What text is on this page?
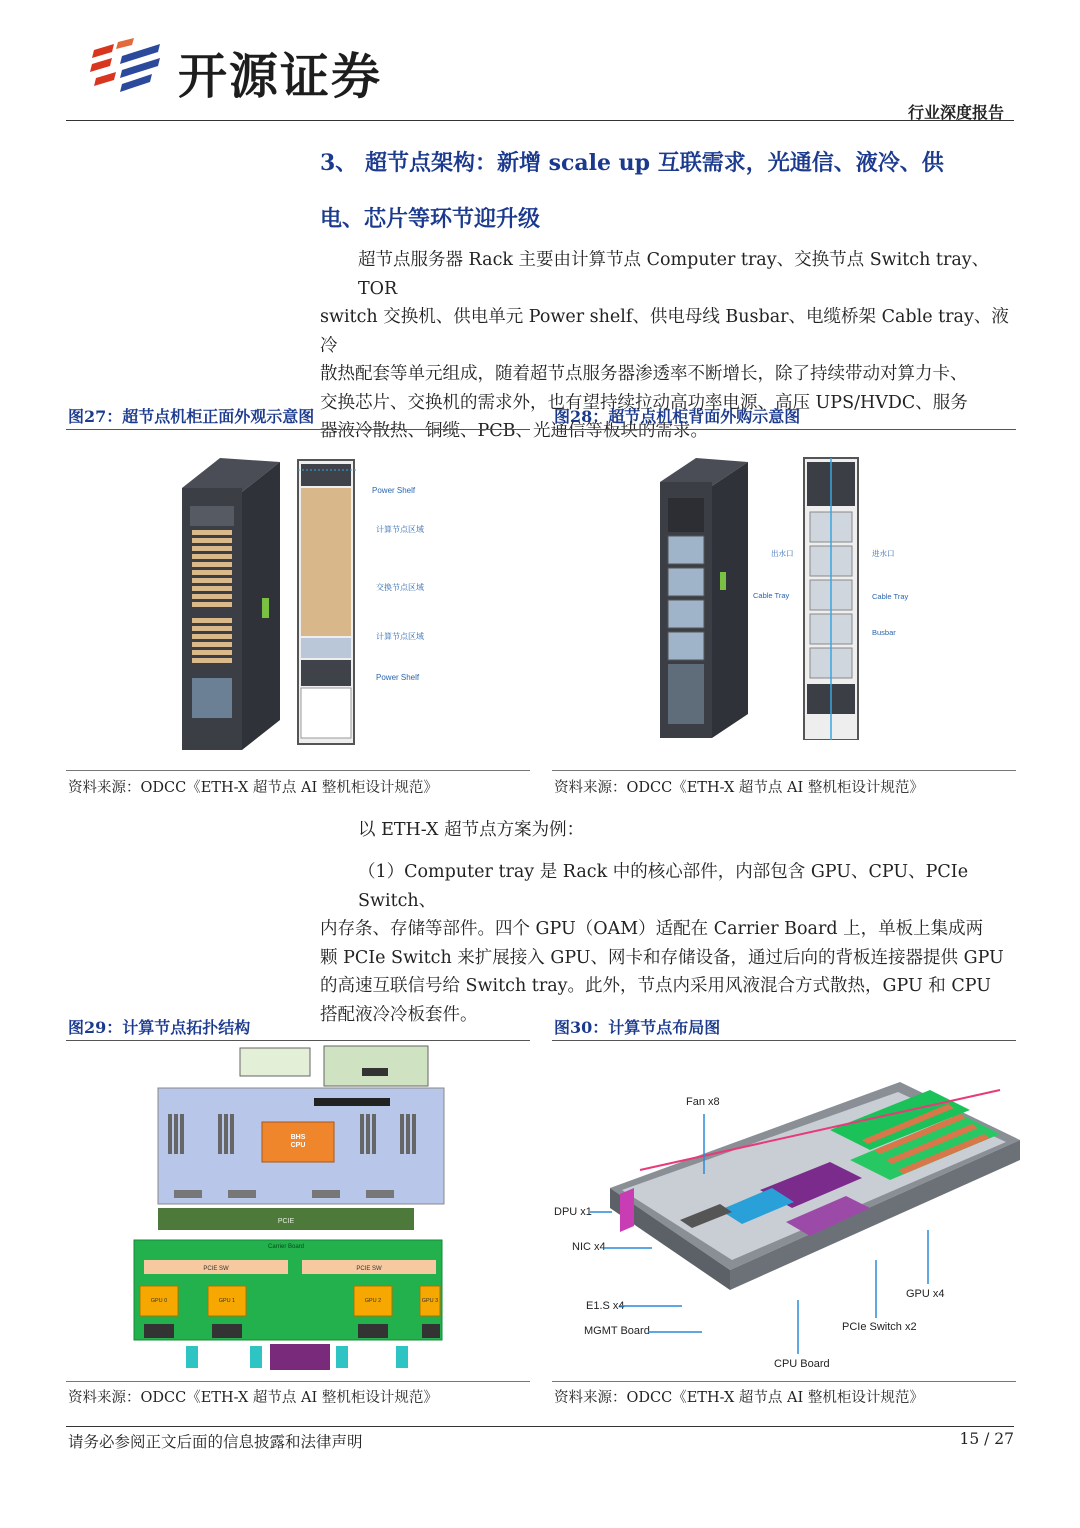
开源证券
行业深度报告
3、 超节点架构：新增 scale up 互联需求，光通信、液冷、供
电、芯片等环节迎升级
超节点服务器 Rack 主要由计算节点 Computer tray、交换节点 Switch tray、TOR
switch 交换机、供电单元 Power shelf、供电母线 Busbar、电缆桥架 Cable tray、液冷
散热配套等单元组成，随着超节点服务器渗透率不断增长，除了持续带动对算力卡、
交换芯片、交换机的需求外，也有望持续拉动高功率电源、高压 UPS/HVDC、服务
器液冷散热、铜缆、PCB、光通信等板块的需求。
图27：超节点机柜正面外观示意图
Power Shelf
计算节点区域
交换节点区域
计算节点区域
Power Shelf
资料来源：ODCC《ETH-X 超节点 AI 整机柜设计规范》
图28：超节点机柜背面外购示意图
出水口
Cable Tray
进水口
Cable Tray
Busbar
资料来源：ODCC《ETH-X 超节点 AI 整机柜设计规范》
以 ETH-X 超节点方案为例：
（1）Computer tray 是 Rack 中的核心部件，内部包含 GPU、CPU、PCIe Switch、
内存条、存储等部件。四个 GPU（OAM）适配在 Carrier Board 上，单板上集成两
颗 PCIe Switch 来扩展接入 GPU、网卡和存储设备，通过后向的背板连接器提供 GPU
的高速互联信号给 Switch tray。此外，节点内采用风液混合方式散热，GPU 和 CPU
搭配液冷冷板套件。
图29：计算节点拓扑结构
BHS CPU
PCIE
Carrier Board
PCIE SW	PCIE SW
GPU 0	GPU 1	GPU 2	GPU 3
资料来源：ODCC《ETH-X 超节点 AI 整机柜设计规范》
图30：计算节点布局图
Fan x8
DPU x1
NIC x4
E1.S x4
MGMT Board
CPU Board
PCIe Switch x2
GPU x4
资料来源：ODCC《ETH-X 超节点 AI 整机柜设计规范》
请务必参阅正文后面的信息披露和法律声明	15 / 27
